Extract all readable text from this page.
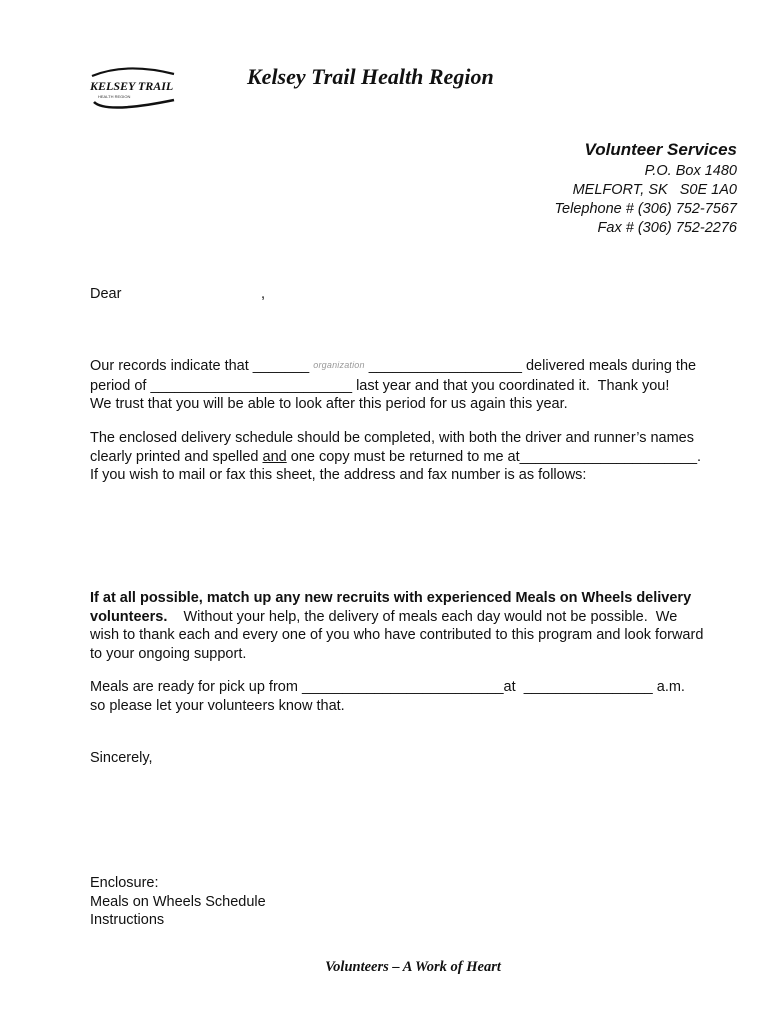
KELSEY TRAIL
HEALTH REGION
Kelsey Trail Health Region
Volunteer Services
P.O. Box 1480
MELFORT, SK   S0E 1A0
Telephone # (306) 752-7567
Fax # (306) 752-2276
Dear	,
Our records indicate that _______ organization ___________________ delivered meals during the
period of _________________________ last year and that you coordinated it.  Thank you!
We trust that you will be able to look after this period for us again this year.
The enclosed delivery schedule should be completed, with both the driver and runner’s names
clearly printed and spelled and one copy must be returned to me at______________________.
If you wish to mail or fax this sheet, the address and fax number is as follows:
If at all possible, match up any new recruits with experienced Meals on Wheels delivery
volunteers.    Without your help, the delivery of meals each day would not be possible.  We
wish to thank each and every one of you who have contributed to this program and look forward
to your ongoing support.
Meals are ready for pick up from _________________________at  ________________ a.m.
so please let your volunteers know that.
Sincerely,
Enclosure:
Meals on Wheels Schedule
Instructions
Volunteers – A Work of Heart
